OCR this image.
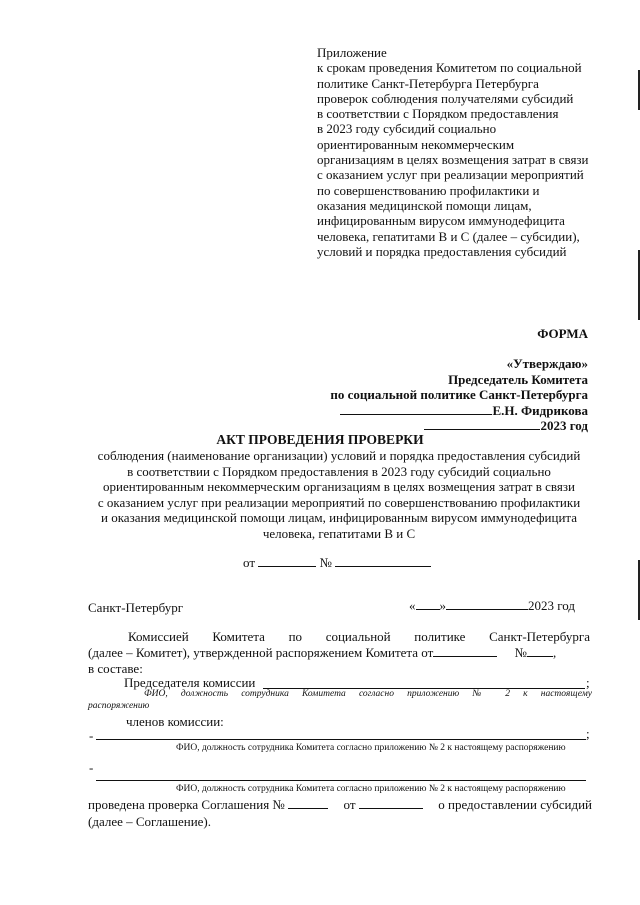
Приложение
к срокам проведения Комитетом по социальной
политике Санкт-Петербурга Петербурга
проверок соблюдения получателями субсидий
в соответствии с Порядком предоставления
в 2023 году субсидий социально
ориентированным некоммерческим
организациям в целях возмещения затрат в связи
с оказанием услуг при реализации мероприятий
по совершенствованию профилактики и
оказания медицинской помощи лицам,
инфицированным вирусом иммунодефицита
человека, гепатитами В и С (далее – субсидии),
условий и порядка предоставления субсидий
ФОРМА
«Утверждаю»
Председатель Комитета
по социальной политике Санкт-Петербурга
Е.Н. Фидрикова
2023 год
АКТ ПРОВЕДЕНИЯ ПРОВЕРКИ
соблюдения (наименование организации) условий и порядка предоставления субсидий
в соответствии с Порядком предоставления в 2023 году субсидий социально
ориентированным некоммерческим организациям в целях возмещения затрат в связи
с оказанием услуг при реализации мероприятий по совершенствованию профилактики
и оказания медицинской помощи лицам, инфицированным вирусом иммунодефицита
человека, гепатитами В и С
от	№
Санкт-Петербург	« »	2023 год
Комиссией Комитета по социальной политике Санкт-Петербурга
(далее – Комитет), утвержденной распоряжением Комитета от	№ ,
в составе:
Председателя комиссии	;
ФИО, должность сотрудника Комитета согласно приложению № 2 к настоящему
распоряжению
членов комиссии:
-	;
ФИО, должность сотрудника Комитета согласно приложению № 2 к настоящему распоряжению
-
ФИО, должность сотрудника Комитета согласно приложению № 2 к настоящему распоряжению
проведена проверка Соглашения №	от	о предоставлении субсидий
(далее – Соглашение).
